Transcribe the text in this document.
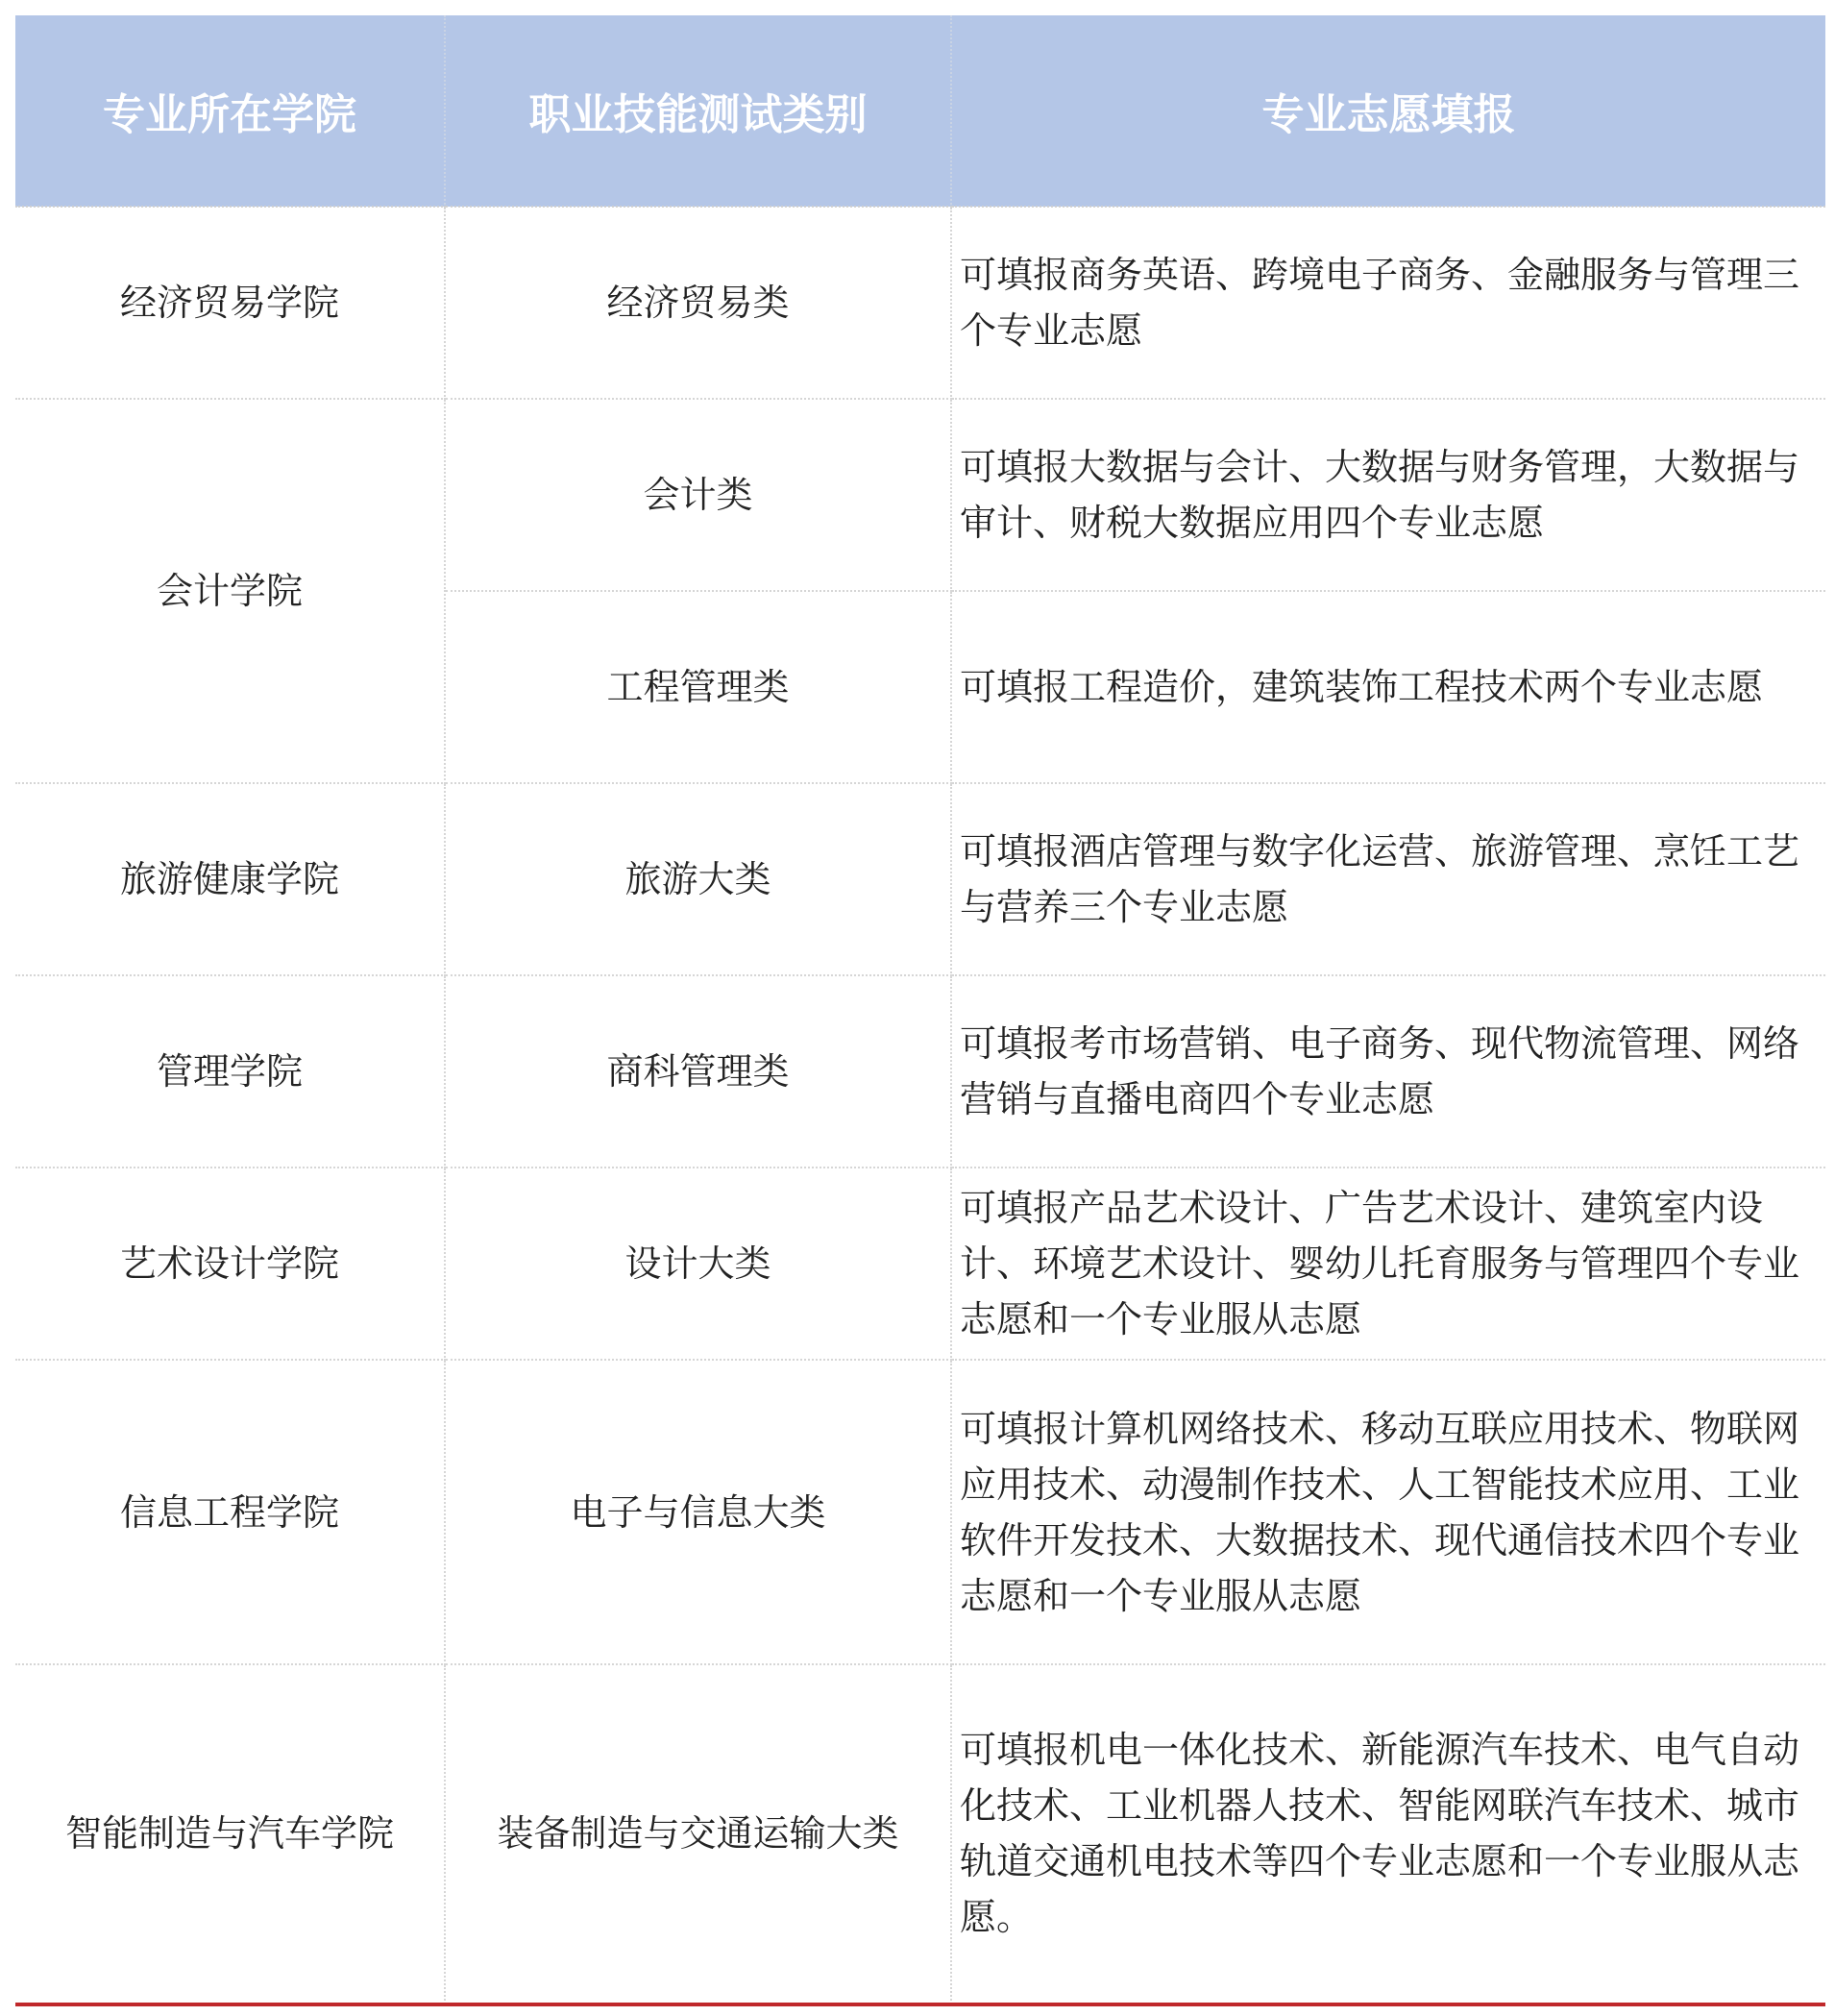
专业所在学院	职业技能测试类别	专业志愿填报
经济贸易学院	经济贸易类	可填报商务英语、跨境电子商务、金融服务与管理三个专业志愿
会计学院	会计类	可填报大数据与会计、大数据与财务管理，大数据与审计、财税大数据应用四个专业志愿
	工程管理类	可填报工程造价，建筑装饰工程技术两个专业志愿
旅游健康学院	旅游大类	可填报酒店管理与数字化运营、旅游管理、烹饪工艺与营养三个专业志愿
管理学院	商科管理类	可填报考市场营销、电子商务、现代物流管理、网络营销与直播电商四个专业志愿
艺术设计学院	设计大类	可填报产品艺术设计、广告艺术设计、建筑室内设计、环境艺术设计、婴幼儿托育服务与管理四个专业志愿和一个专业服从志愿
信息工程学院	电子与信息大类	可填报计算机网络技术、移动互联应用技术、物联网应用技术、动漫制作技术、人工智能技术应用、工业软件开发技术、大数据技术、现代通信技术四个专业志愿和一个专业服从志愿
智能制造与汽车学院	装备制造与交通运输大类	可填报机电一体化技术、新能源汽车技术、电气自动化技术、工业机器人技术、智能网联汽车技术、城市轨道交通机电技术等四个专业志愿和一个专业服从志愿。
